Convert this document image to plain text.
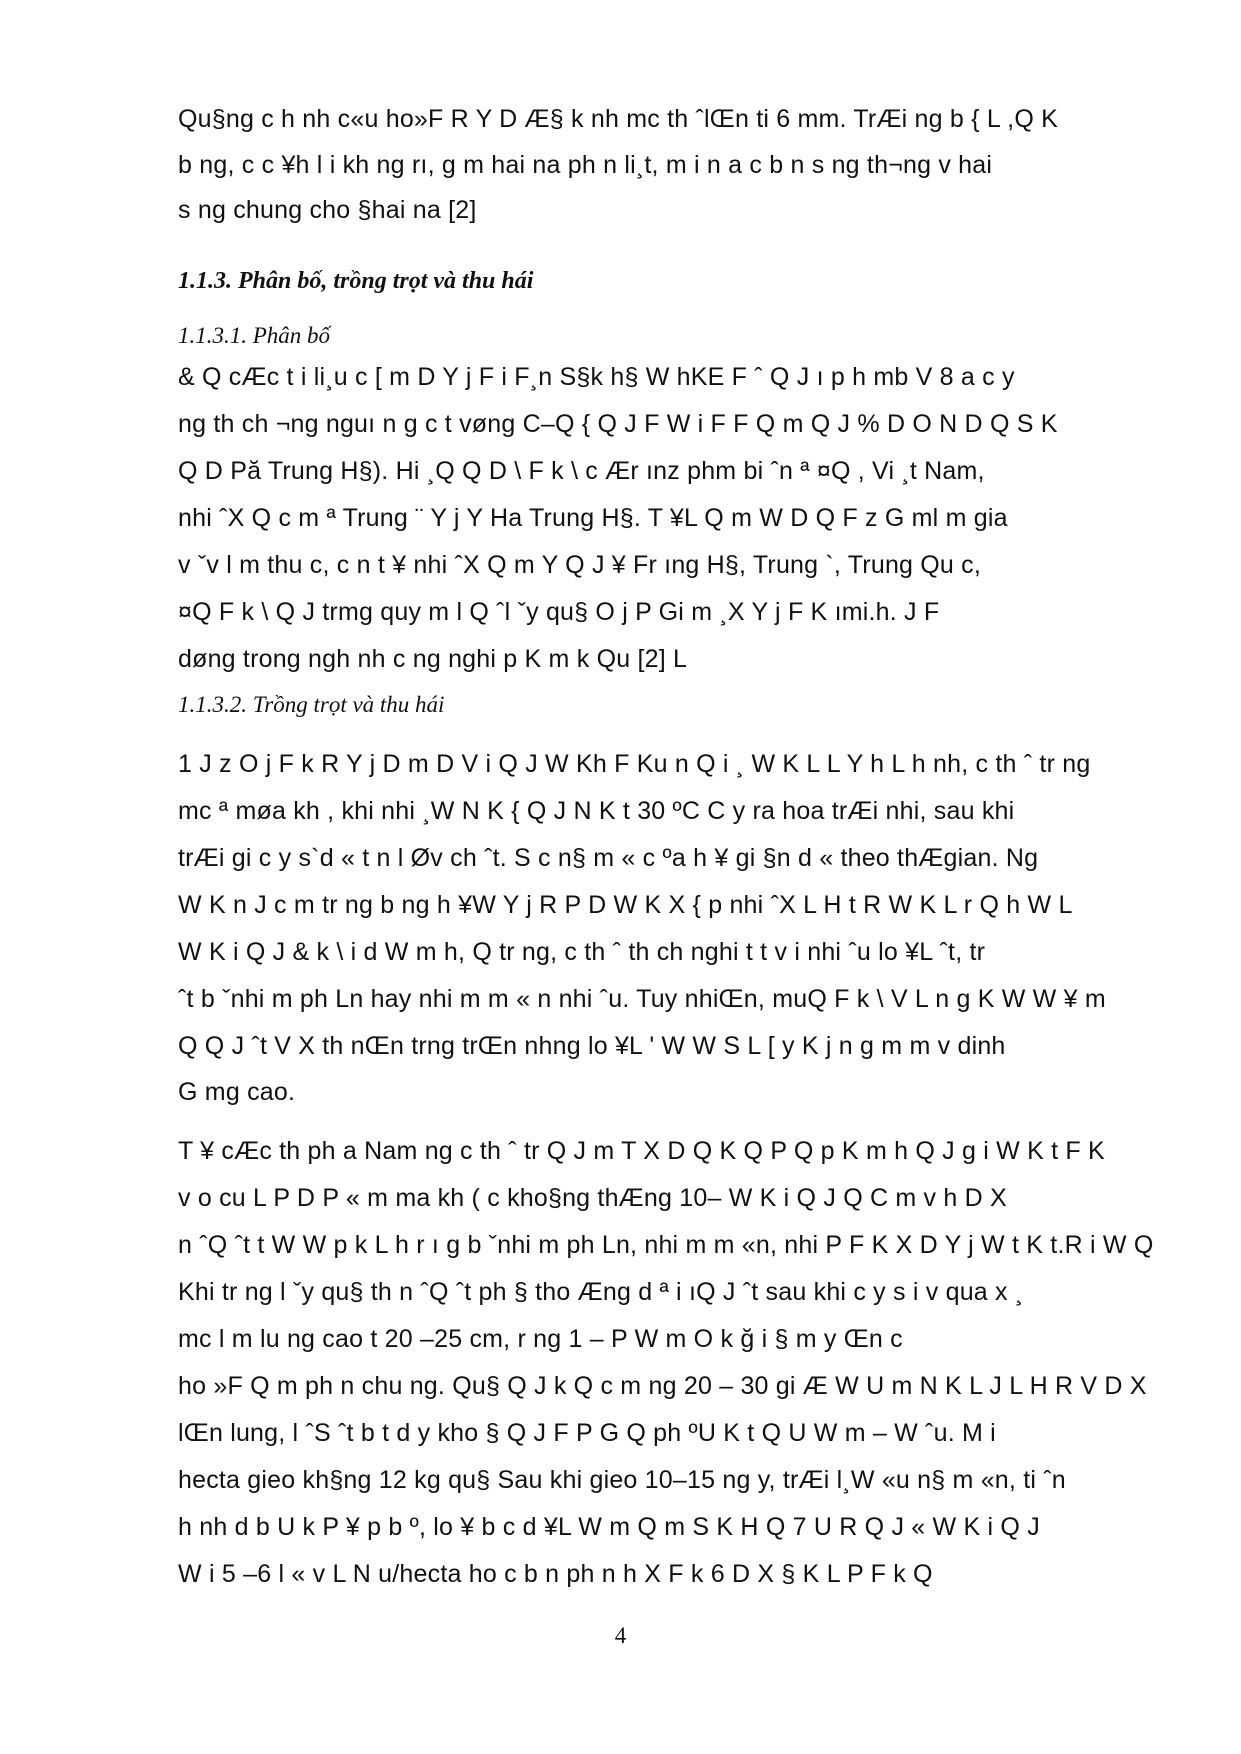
Qu§ng c h nh c«u ho»F R Y D Æ§ k nh mc th ˆlŒn ti 6 mm. TrÆi ng b { L ,Q K
b ng, c c ¥h l i kh ng rı, g m hai na ph n li¸t, m i n a c b n s ng th¬ng v hai
s ng chung cho §hai na [2]
1.1.3. Phân bố, trồng trọt và thu hái
1.1.3.1. Phân bố
& Q cÆc t i li¸u c [ m D Y j F i F¸n S§k h§ W hKE F ˆ Q J ı p h mb V 8 a c y
ng th ch ¬ng nguı n g c t vøng C–Q { Q J F W i F F Q m Q J % D O N D Q S K
Q D Pă Trung H§). Hi ¸Q Q D \ F k \ c Ær ınz phm bi ˆn ª ¤Q , Vi ¸t Nam,
nhi ˆX Q c m ª Trung ¨ Y j Y Ha Trung H§. T ¥L Q m W D Q F z G ml m gia
v ˇv l m thu c, c n t ¥ nhi ˆX Q m Y Q J ¥ Fr ıng H§, Trung `, Trung Qu c,
¤Q F k \ Q J trmg quy m l Q ˆl ˇy qu§ O j P Gi m ¸X Y j F K ımi.h. J F
døng trong ngh nh c ng nghi p K m k Qu [2] L
1.1.3.2. Trồng trọt và thu hái
1 J z O j F k R Y j D m D V i Q J W Kh F Ku n Q i ¸ W K L L Y h L h nh, c th ˆ tr ng
mc ª møa kh , khi nhi ¸W N K { Q J N K t 30 ºC C y ra hoa trÆi nhi, sau khi
trÆi gi c y s`d « t n l Øv ch ˆt. S c n§ m « c ºa h ¥ gi §n d « theo thÆgian. Ng
W K n J c m tr ng b ng h ¥W Y j R P D W K X { p nhi ˆX L H t R W K L r Q h W L
W K i Q J & k \ i d W m h, Q tr ng, c th ˆ th ch nghi t t v i nhi ˆu lo ¥L ˆt, tr
ˆt b ˇnhi m ph Ln hay nhi m m « n nhi ˆu. Tuy nhiŒn, muQ F k \ V L n g K W W ¥ m
Q Q J ˆt V X th nŒn trng trŒn nhng lo ¥L ' W W S L [ y K j n g m m v dinh
G mg cao.
T ¥ cÆc th ph a Nam ng c th ˆ tr Q J m T X D Q K Q P Q p K m h Q J g i W K t F K
v o cu L P D P « m ma kh ( c kho§ng thÆng 10– W K i Q J Q C m v h D X
n ˆQ ˆt t W W p k L h r ı g b ˇnhi m ph Ln, nhi m m «n, nhi P F K X D Y j W t K t.R i W Q
Khi tr ng l ˇy qu§ th n ˆQ ˆt ph § tho Æng d ª i ıQ J ˆt sau khi c y s i v qua x ¸
mc l m lu ng cao t 20 –25 cm, r ng 1 – P W m O k ğ i § m y Œn c
ho »F Q m ph n chu ng. Qu§ Q J k Q c m ng 20 – 30 gi Æ W U m N K L J L H R V D X
lŒn lung, l ˆS ˆt b t d y kho § Q J F P G Q ph ºU K t Q U W m – W ˆu. M i
hecta gieo kh§ng 12 kg qu§ Sau khi gieo 10–15 ng y, trÆi l¸W «u n§ m «n, ti ˆn
h nh d b U k P ¥ p b º, lo ¥ b c d ¥L W m Q m S K H Q 7 U R Q J « W K i Q J
W i 5 –6 l « v L N u/hecta ho c b n ph n h X F k 6 D X § K L P F k Q
4
